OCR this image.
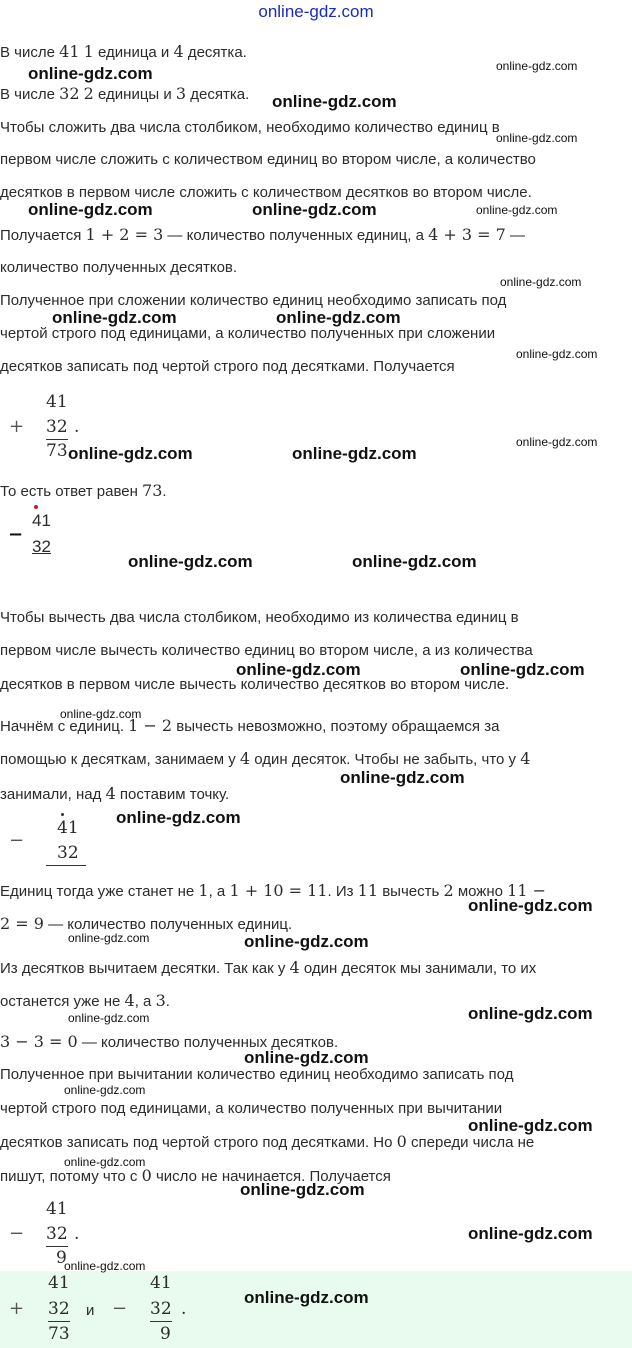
online-gdz.com
В числе 41 1 единица и 4 десятка.
В числе 32 2 единицы и 3 десятка.
Чтобы сложить два числа столбиком, необходимо количество единиц в
первом числе сложить с количеством единиц во втором числе, а количество
десятков в первом числе сложить с количеством десятков во втором числе.
Получается 1 + 2 = 3 — количество полученных единиц, а 4 + 3 = 7 —
количество полученных десятков.
Полученное при сложении количество единиц необходимо записать под
чертой строго под единицами, а количество полученных при сложении
десятков записать под чертой строго под десятками. Получается
+
41
32
73
.
То есть ответ равен 73.
−
41
32
Чтобы вычесть два числа столбиком, необходимо из количества единиц в
первом числе вычесть количество единиц во втором числе, а из количества
десятков в первом числе вычесть количество десятков во втором числе.
Начнём с единиц. 1 − 2 вычесть невозможно, поэтому обращаемся за
помощью к десяткам, занимаем у 4 один десяток. Чтобы не забыть, что у 4
занимали, над 4 поставим точку.
−
41
32
Единиц тогда уже станет не 1, а 1 + 10 = 11. Из 11 вычесть 2 можно 11 −
2 = 9 — количество полученных единиц.
Из десятков вычитаем десятки. Так как у 4 один десяток мы занимали, то их
останется уже не 4, а 3.
3 − 3 = 0 — количество полученных десятков.
Полученное при вычитании количество единиц необходимо записать под
чертой строго под единицами, а количество полученных при вычитании
десятков записать под чертой строго под десятками. Но 0 спереди числа не
пишут, потому что с 0 число не начинается. Получается
−
41
32
9
.
+
41
32
73
и −
41
32
9
.
online-gdz.com	online-gdz.com
online-gdz.com
online-gdz.com
online-gdz.com	online-gdz.com	online-gdz.com
online-gdz.com
online-gdz.com	online-gdz.com
online-gdz.com
online-gdz.com
online-gdz.com	online-gdz.com
online-gdz.com	online-gdz.com
online-gdz.com	online-gdz.com
online-gdz.com
online-gdz.com
online-gdz.com
online-gdz.com
online-gdz.com	online-gdz.com
online-gdz.com
online-gdz.com
online-gdz.com
online-gdz.com
online-gdz.com
online-gdz.com
online-gdz.com
online-gdz.com
online-gdz.com
online-gdz.com
